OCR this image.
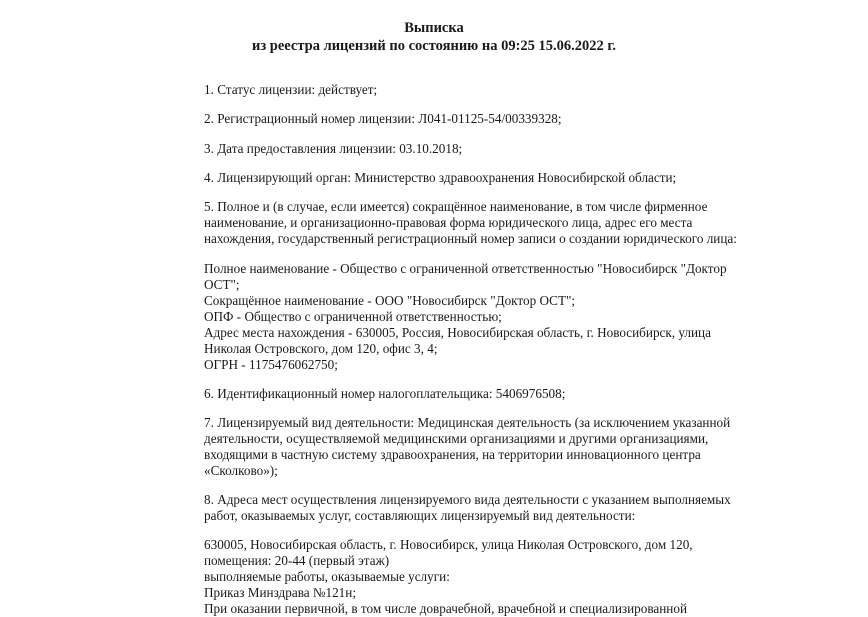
Выписка
из реестра лицензий по состоянию на 09:25 15.06.2022 г.
1. Статус лицензии: действует;
2. Регистрационный номер лицензии: Л041-01125-54/00339328;
3. Дата предоставления лицензии: 03.10.2018;
4. Лицензирующий орган: Министерство здравоохранения Новосибирской области;
5. Полное и (в случае, если имеется) сокращённое наименование, в том числе фирменное
наименование, и организационно-правовая форма юридического лица, адрес его места
нахождения, государственный регистрационный номер записи о создании юридического лица:
Полное наименование - Общество с ограниченной ответственностью "Новосибирск "Доктор
ОСТ";
Сокращённое наименование - ООО "Новосибирск "Доктор ОСТ";
ОПФ - Общество с ограниченной ответственностью;
Адрес места нахождения - 630005, Россия, Новосибирская область, г. Новосибирск, улица
Николая Островского, дом 120, офис 3, 4;
ОГРН - 1175476062750;
6. Идентификационный номер налогоплательщика: 5406976508;
7. Лицензируемый вид деятельности: Медицинская деятельность (за исключением указанной
деятельности, осуществляемой медицинскими организациями и другими организациями,
входящими в частную систему здравоохранения, на территории инновационного центра
«Сколково»);
8. Адреса мест осуществления лицензируемого вида деятельности с указанием выполняемых
работ, оказываемых услуг, составляющих лицензируемый вид деятельности:
630005, Новосибирская область, г. Новосибирск, улица Николая Островского, дом 120,
помещения: 20-44 (первый этаж)
выполняемые работы, оказываемые услуги:
Приказ Минздрава №121н;
При оказании первичной, в том числе доврачебной, врачебной и специализированной
